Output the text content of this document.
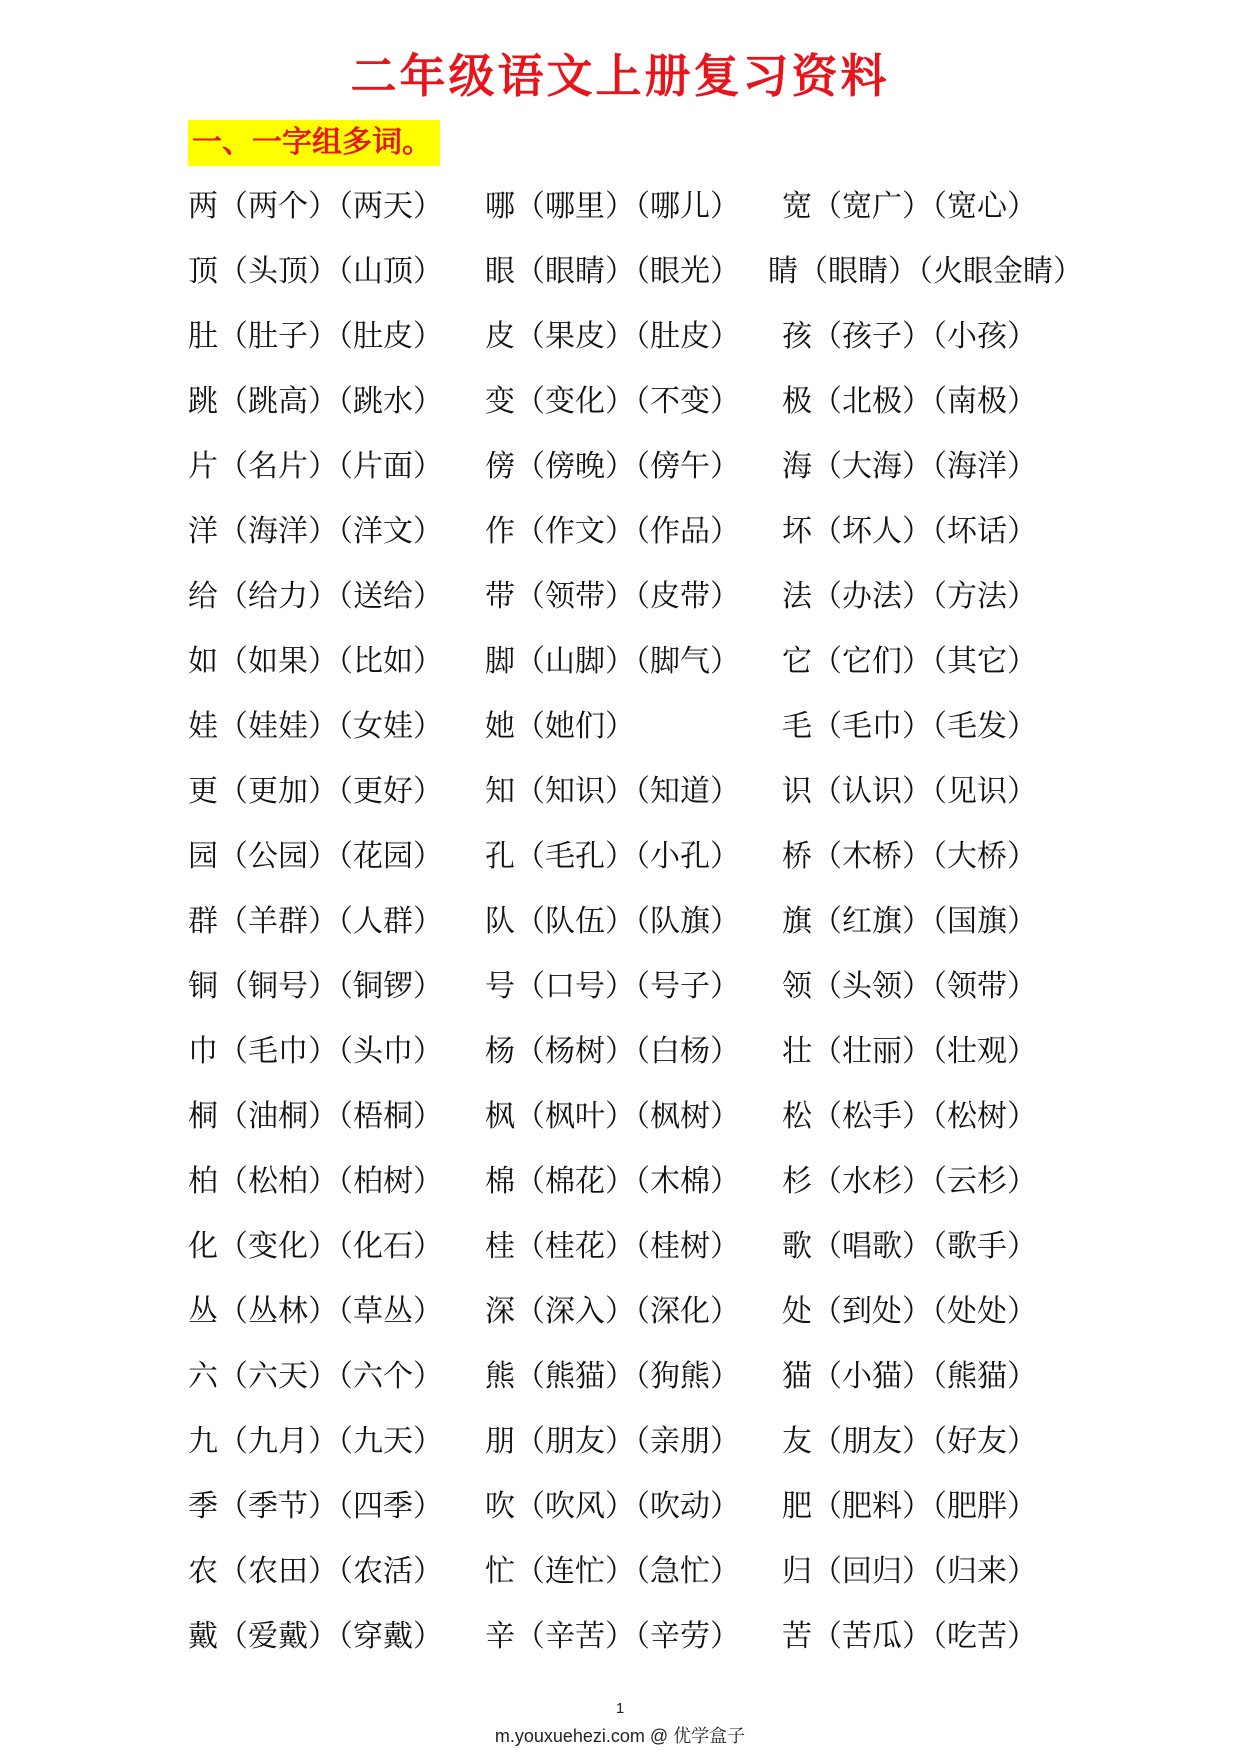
二年级语文上册复习资料
一、一字组多词。
两（两个）（两天） 哪（哪里）（哪儿） 宽（宽广）（宽心）
顶（头顶）（山顶） 眼（眼睛）（眼光） 睛（眼睛）（火眼金睛）
肚（肚子）（肚皮） 皮（果皮）（肚皮） 孩（孩子）（小孩）
跳（跳高）（跳水） 变（变化）（不变） 极（北极）（南极）
片（名片）（片面） 傍（傍晚）（傍午） 海（大海）（海洋）
洋（海洋）（洋文） 作（作文）（作品） 坏（坏人）（坏话）
给（给力）（送给） 带（领带）（皮带） 法（办法）（方法）
如（如果）（比如） 脚（山脚）（脚气） 它（它们）（其它）
娃（娃娃）（女娃） 她（她们）	毛（毛巾）（毛发）
更（更加）（更好） 知（知识）（知道） 识（认识）（见识）
园（公园）（花园） 孔（毛孔）（小孔） 桥（木桥）（大桥）
群（羊群）（人群） 队（队伍）（队旗） 旗（红旗）（国旗）
铜（铜号）（铜锣） 号（口号）（号子） 领（头领）（领带）
巾（毛巾）（头巾） 杨（杨树）（白杨） 壮（壮丽）（壮观）
桐（油桐）（梧桐） 枫（枫叶）（枫树） 松（松手）（松树）
柏（松柏）（柏树） 棉（棉花）（木棉） 杉（水杉）（云杉）
化（变化）（化石） 桂（桂花）（桂树） 歌（唱歌）（歌手）
丛（丛林）（草丛） 深（深入）（深化） 处（到处）（处处）
六（六天）（六个） 熊（熊猫）（狗熊） 猫（小猫）（熊猫）
九（九月）（九天） 朋（朋友）（亲朋） 友（朋友）（好友）
季（季节）（四季） 吹（吹风）（吹动） 肥（肥料）（肥胖）
农（农田）（农活） 忙（连忙）（急忙） 归（回归）（归来）
戴（爱戴）（穿戴） 辛（辛苦）（辛劳） 苦（苦瓜）（吃苦）
1
m.youxuehezi.com @ 优学盒子
